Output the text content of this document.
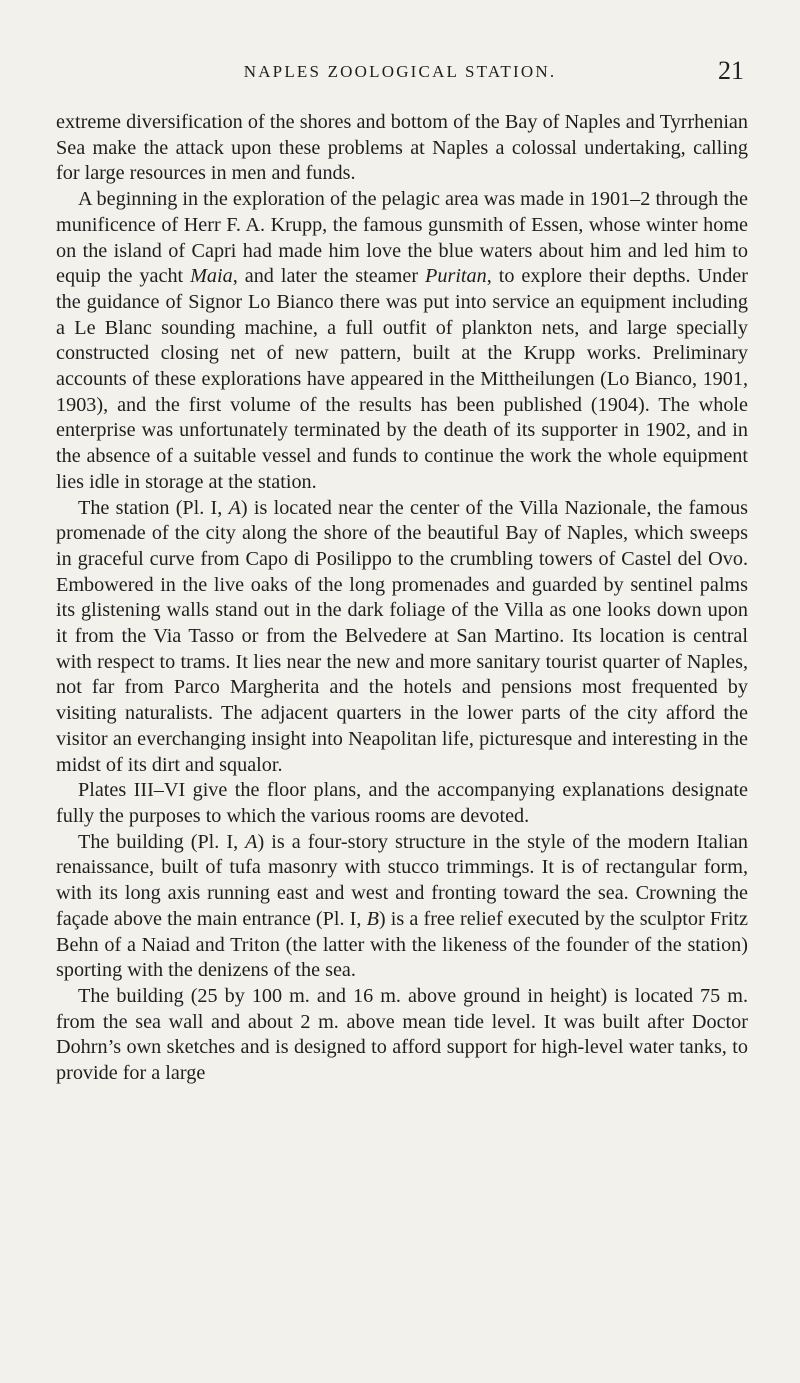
NAPLES ZOOLOGICAL STATION.	21

extreme diversification of the shores and bottom of the Bay of Naples and Tyrrhenian Sea make the attack upon these problems at Naples a colossal undertaking, calling for large resources in men and funds.

A beginning in the exploration of the pelagic area was made in 1901–2 through the munificence of Herr F. A. Krupp, the famous gunsmith of Essen, whose winter home on the island of Capri had made him love the blue waters about him and led him to equip the yacht Maia, and later the steamer Puritan, to explore their depths. Under the guidance of Signor Lo Bianco there was put into service an equipment including a Le Blanc sounding machine, a full outfit of plankton nets, and large specially constructed closing net of new pattern, built at the Krupp works. Preliminary accounts of these explorations have appeared in the Mittheilungen (Lo Bianco, 1901, 1903), and the first volume of the results has been published (1904). The whole enterprise was unfortunately terminated by the death of its supporter in 1902, and in the absence of a suitable vessel and funds to continue the work the whole equipment lies idle in storage at the station.

The station (Pl. I, A) is located near the center of the Villa Nazionale, the famous promenade of the city along the shore of the beautiful Bay of Naples, which sweeps in graceful curve from Capo di Posilippo to the crumbling towers of Castel del Ovo. Embowered in the live oaks of the long promenades and guarded by sentinel palms its glistening walls stand out in the dark foliage of the Villa as one looks down upon it from the Via Tasso or from the Belvedere at San Martino. Its location is central with respect to trams. It lies near the new and more sanitary tourist quarter of Naples, not far from Parco Margherita and the hotels and pensions most frequented by visiting naturalists. The adjacent quarters in the lower parts of the city afford the visitor an everchanging insight into Neapolitan life, picturesque and interesting in the midst of its dirt and squalor.

Plates III–VI give the floor plans, and the accompanying explanations designate fully the purposes to which the various rooms are devoted.

The building (Pl. I, A) is a four-story structure in the style of the modern Italian renaissance, built of tufa masonry with stucco trimmings. It is of rectangular form, with its long axis running east and west and fronting toward the sea. Crowning the façade above the main entrance (Pl. I, B) is a free relief executed by the sculptor Fritz Behn of a Naiad and Triton (the latter with the likeness of the founder of the station) sporting with the denizens of the sea.

The building (25 by 100 m. and 16 m. above ground in height) is located 75 m. from the sea wall and about 2 m. above mean tide level. It was built after Doctor Dohrn’s own sketches and is designed to afford support for high-level water tanks, to provide for a large
